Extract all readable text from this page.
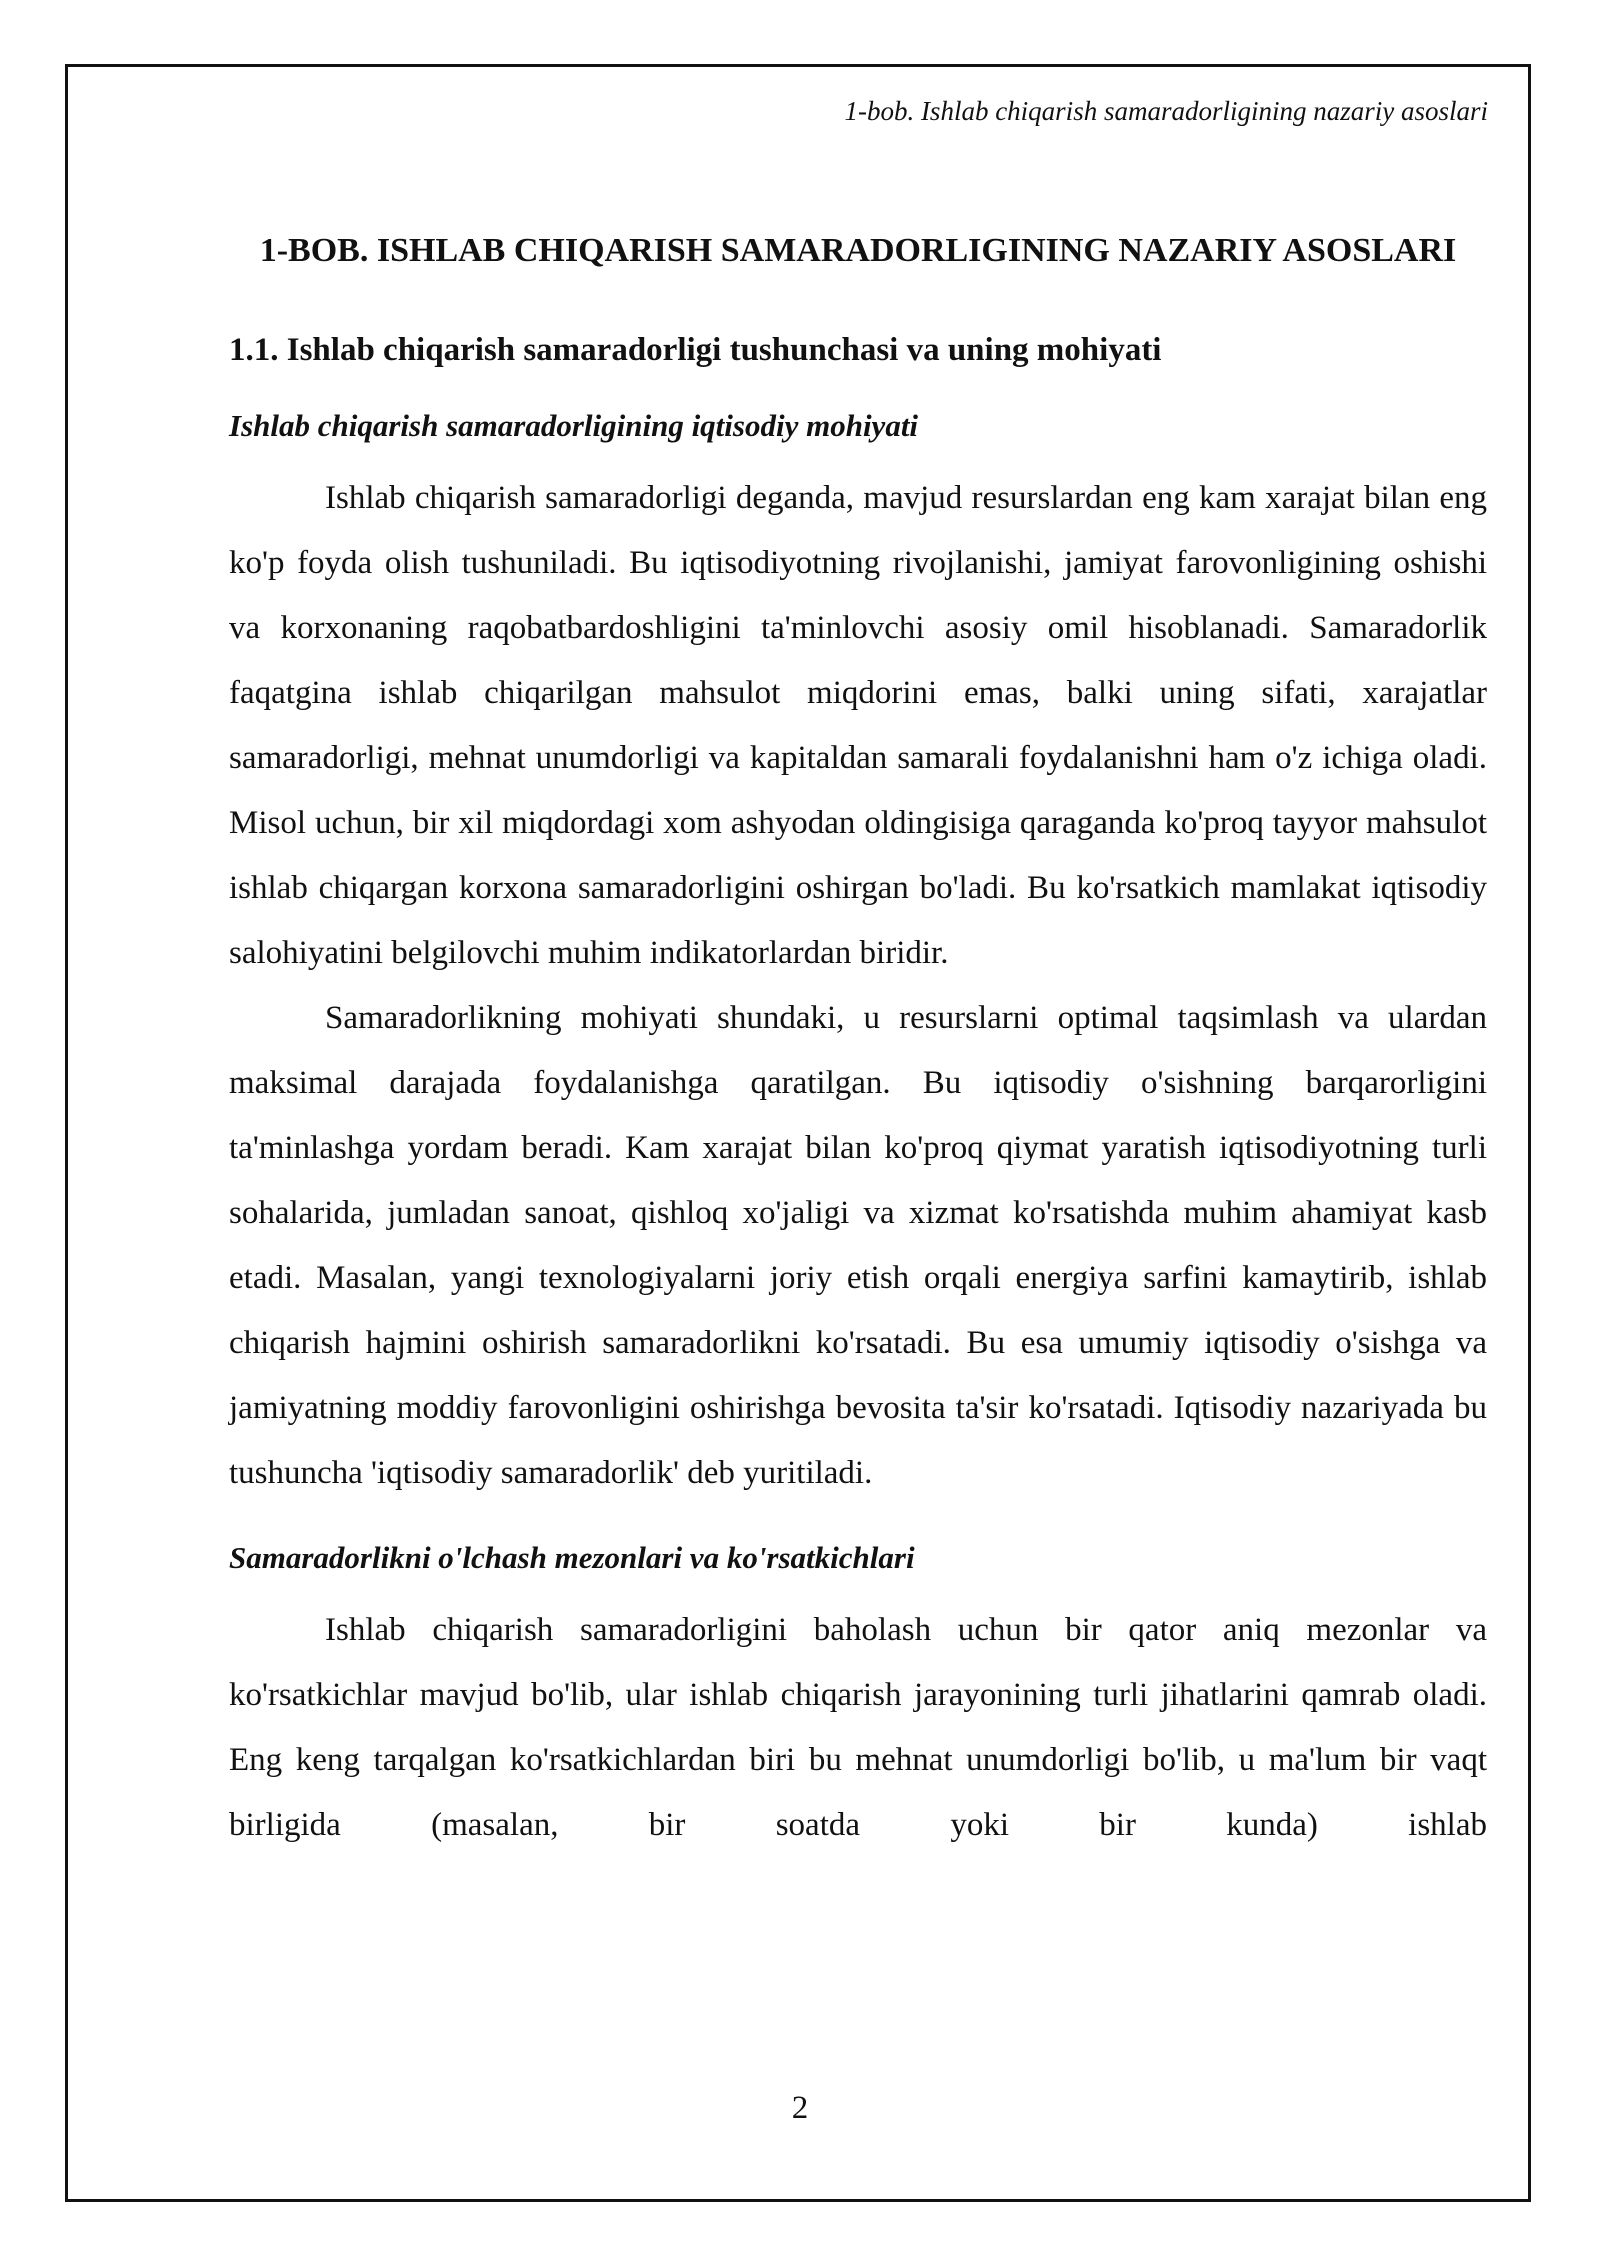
1-bob. Ishlab chiqarish samaradorligining nazariy asoslari
1-BOB. ISHLAB CHIQARISH SAMARADORLIGINING NAZARIY ASOSLARI
1.1. Ishlab chiqarish samaradorligi tushunchasi va uning mohiyati
Ishlab chiqarish samaradorligining iqtisodiy mohiyati

Ishlab chiqarish samaradorligi deganda, mavjud resurslardan eng kam xarajat bilan eng ko'p foyda olish tushuniladi. Bu iqtisodiyotning rivojlanishi, jamiyat farovonligining oshishi va korxonaning raqobatbardoshligini ta'minlovchi asosiy omil hisoblanadi. Samaradorlik faqatgina ishlab chiqarilgan mahsulot miqdorini emas, balki uning sifati, xarajatlar samaradorligi, mehnat unumdorligi va kapitaldan samarali foydalanishni ham o'z ichiga oladi. Misol uchun, bir xil miqdordagi xom ashyodan oldingisiga qaraganda ko'proq tayyor mahsulot ishlab chiqargan korxona samaradorligini oshirgan bo'ladi. Bu ko'rsatkich mamlakat iqtisodiy salohiyatini belgilovchi muhim indikatorlardan biridir.

Samaradorlikning mohiyati shundaki, u resurslarni optimal taqsimlash va ulardan maksimal darajada foydalanishga qaratilgan. Bu iqtisodiy o'sishning barqarorligini ta'minlashga yordam beradi. Kam xarajat bilan ko'proq qiymat yaratish iqtisodiyotning turli sohalarida, jumladan sanoat, qishloq xo'jaligi va xizmat ko'rsatishda muhim ahamiyat kasb etadi. Masalan, yangi texnologiyalarni joriy etish orqali energiya sarfini kamaytirib, ishlab chiqarish hajmini oshirish samaradorlikni ko'rsatadi. Bu esa umumiy iqtisodiy o'sishga va jamiyatning moddiy farovonligini oshirishga bevosita ta'sir ko'rsatadi. Iqtisodiy nazariyada bu tushuncha 'iqtisodiy samaradorlik' deb yuritiladi.

Samaradorlikni o'lchash mezonlari va ko'rsatkichlari

Ishlab chiqarish samaradorligini baholash uchun bir qator aniq mezonlar va ko'rsatkichlar mavjud bo'lib, ular ishlab chiqarish jarayonining turli jihatlarini qamrab oladi. Eng keng tarqalgan ko'rsatkichlardan biri bu mehnat unumdorligi bo'lib, u ma'lum bir vaqt birligida (masalan, bir soatda yoki bir kunda) ishlab

2
